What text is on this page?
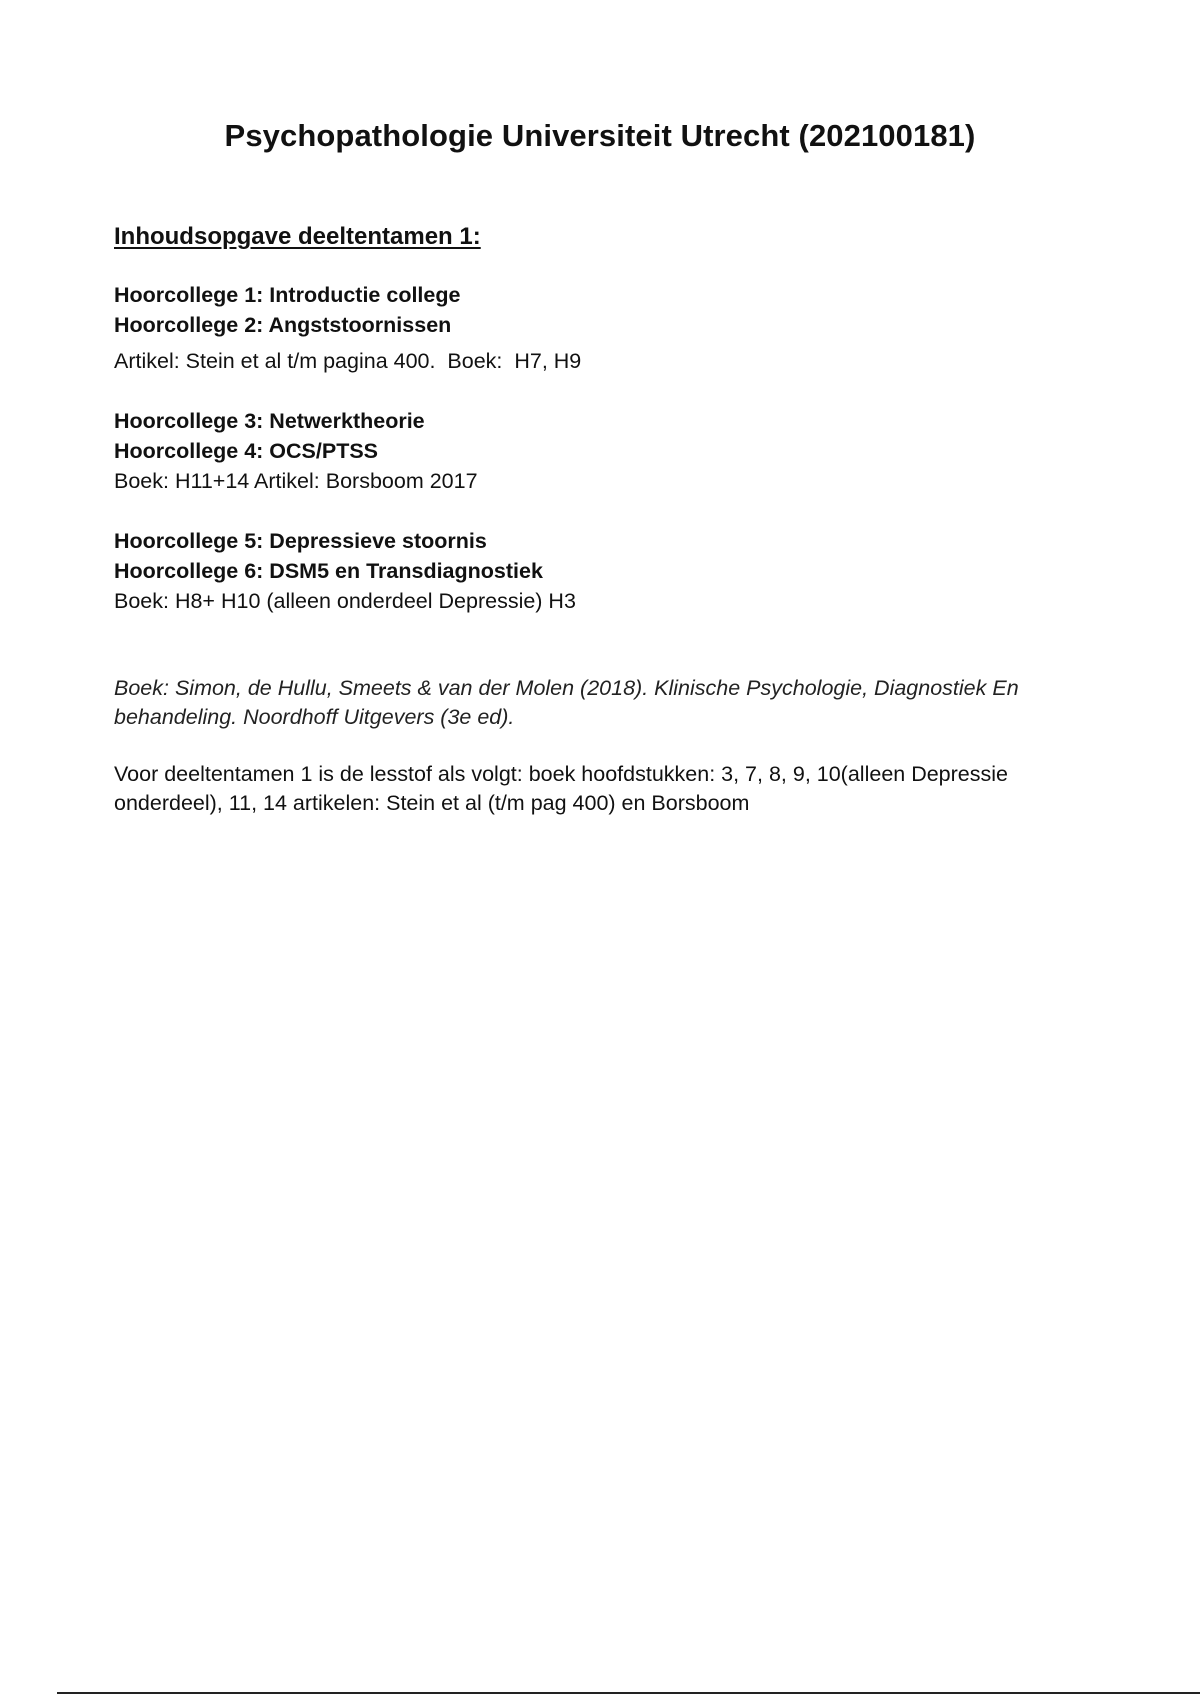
Psychopathologie Universiteit Utrecht (202100181)
Inhoudsopgave deeltentamen 1:

Hoorcollege 1: Introductie college

Hoorcollege 2: Angststoornissen

Artikel: Stein et al t/m pagina 400.  Boek:  H7, H9

Hoorcollege 3: Netwerktheorie

Hoorcollege 4: OCS/PTSS

Boek: H11+14 Artikel: Borsboom 2017

Hoorcollege 5: Depressieve stoornis

Hoorcollege 6: DSM5 en Transdiagnostiek

Boek: H8+ H10 (alleen onderdeel Depressie) H3

Boek: Simon, de Hullu, Smeets & van der Molen (2018). Klinische Psychologie, Diagnostiek En behandeling. Noordhoff Uitgevers (3e ed).

Voor deeltentamen 1 is de lesstof als volgt: boek hoofdstukken: 3, 7, 8, 9, 10(alleen Depressie onderdeel), 11, 14 artikelen: Stein et al (t/m pag 400) en Borsboom
